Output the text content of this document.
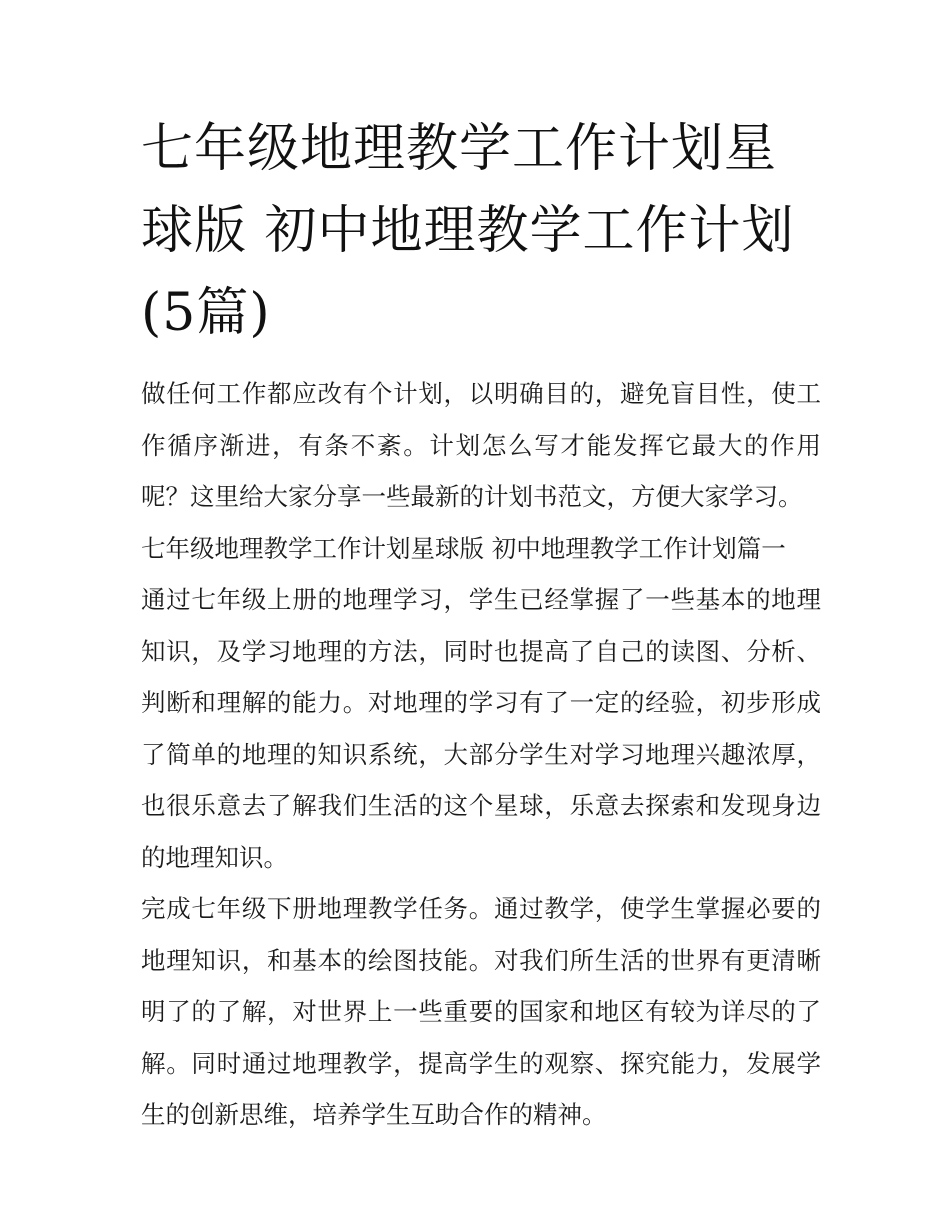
七年级地理教学工作计划星球版 初中地理教学工作计划(5篇)

做任何工作都应改有个计划，以明确目的，避免盲目性，使工作循序渐进，有条不紊。计划怎么写才能发挥它最大的作用呢？这里给大家分享一些最新的计划书范文，方便大家学习。

七年级地理教学工作计划星球版 初中地理教学工作计划篇一

通过七年级上册的地理学习，学生已经掌握了一些基本的地理知识，及学习地理的方法，同时也提高了自己的读图、分析、判断和理解的能力。对地理的学习有了一定的经验，初步形成了简单的地理的知识系统，大部分学生对学习地理兴趣浓厚，也很乐意去了解我们生活的这个星球，乐意去探索和发现身边的地理知识。

完成七年级下册地理教学任务。通过教学，使学生掌握必要的地理知识，和基本的绘图技能。对我们所生活的世界有更清晰明了的了解，对世界上一些重要的国家和地区有较为详尽的了解。同时通过地理教学，提高学生的观察、探究能力，发展学生的创新思维，培养学生互助合作的精神。
